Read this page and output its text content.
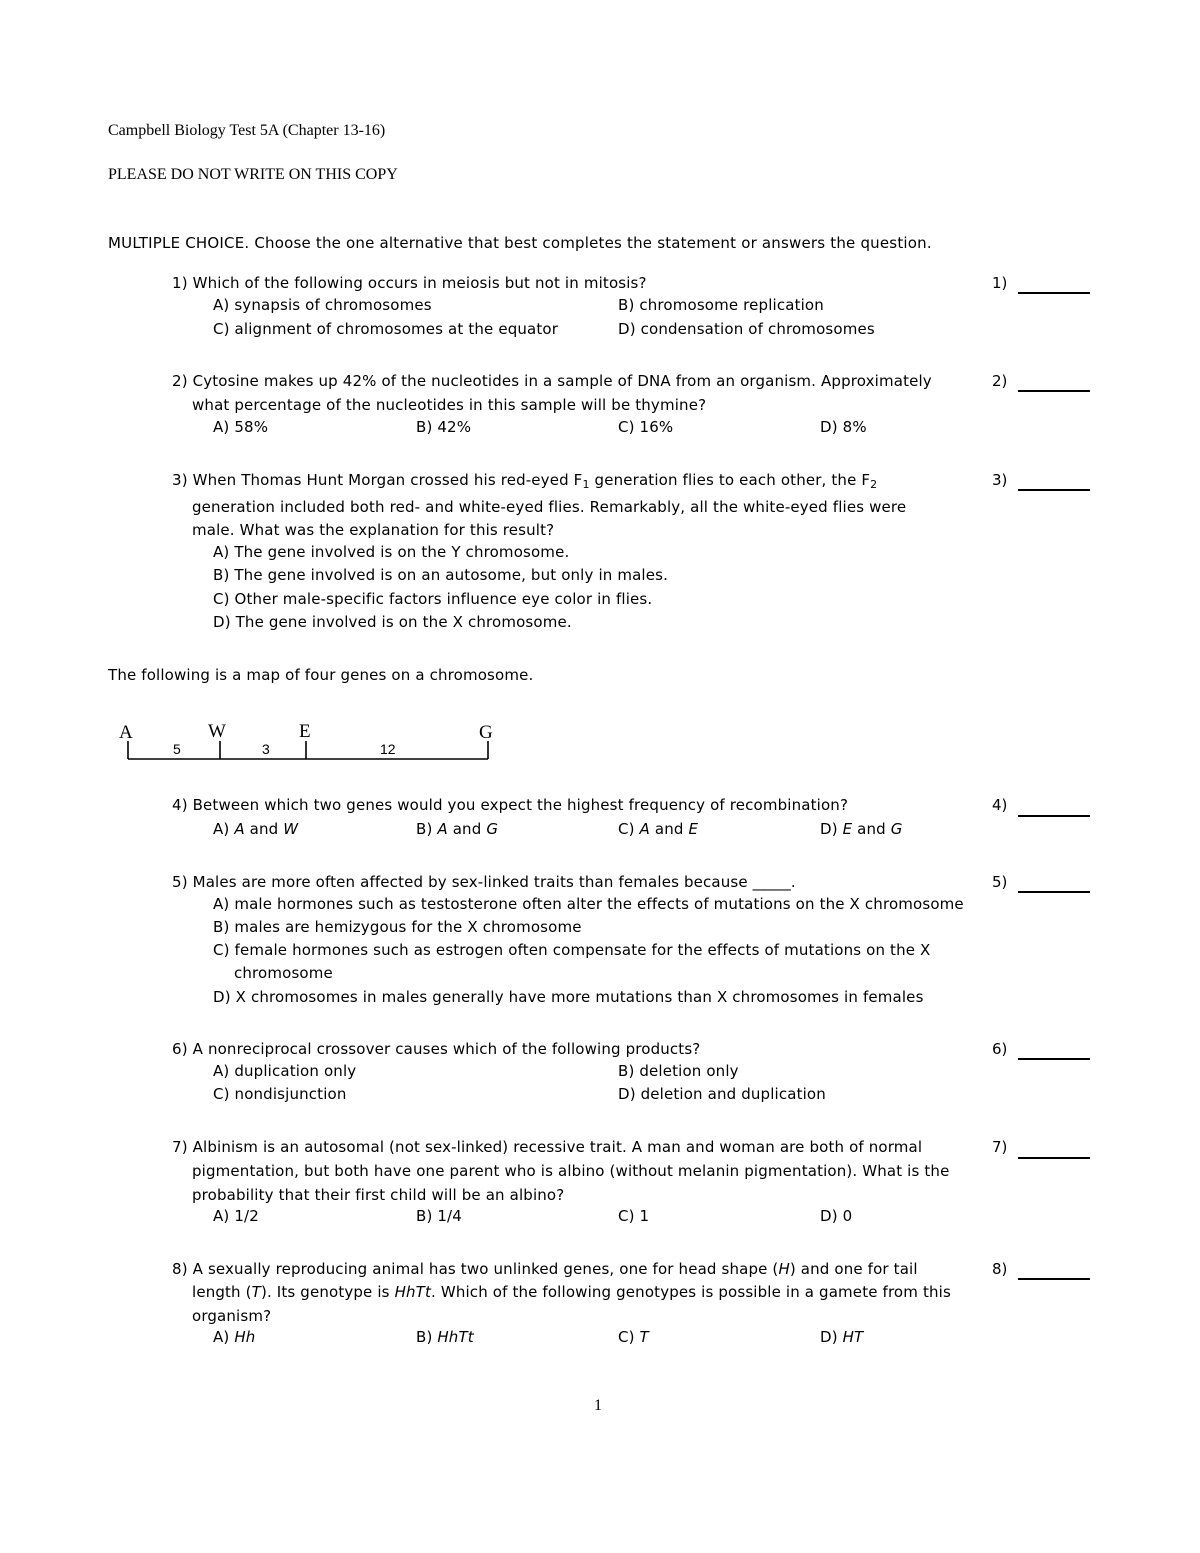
Campbell Biology Test 5A (Chapter 13-16)
PLEASE DO NOT WRITE ON THIS COPY
MULTIPLE CHOICE. Choose the one alternative that best completes the statement or answers the question.
1) Which of the following occurs in meiosis but not in mitosis?
A) synapsis of chromosomes	B) chromosome replication
C) alignment of chromosomes at the equator	D) condensation of chromosomes
1)
2) Cytosine makes up 42% of the nucleotides in a sample of DNA from an organism. Approximately
what percentage of the nucleotides in this sample will be thymine?
A) 58%	B) 42%	C) 16%	D) 8%
2)
3) When Thomas Hunt Morgan crossed his red-eyed $F_1$ generation flies to each other, the $F_2$
generation included both red- and white-eyed flies. Remarkably, all the white-eyed flies were
male. What was the explanation for this result?
A) The gene involved is on the Y chromosome.
B) The gene involved is on an autosome, but only in males.
C) Other male-specific factors influence eye color in flies.
D) The gene involved is on the X chromosome.
3)
The following is a map of four genes on a chromosome.
A	W	E	G
5	3	12
4) Between which two genes would you expect the highest frequency of recombination?
A) A and W	B) A and G	C) A and E	D) E and G
4)
5) Males are more often affected by sex-linked traits than females because _____.
A) male hormones such as testosterone often alter the effects of mutations on the X chromosome
B) males are hemizygous for the X chromosome
C) female hormones such as estrogen often compensate for the effects of mutations on the X
chromosome
D) X chromosomes in males generally have more mutations than X chromosomes in females
5)
6) A nonreciprocal crossover causes which of the following products?
A) duplication only	B) deletion only
C) nondisjunction	D) deletion and duplication
6)
7) Albinism is an autosomal (not sex-linked) recessive trait. A man and woman are both of normal
pigmentation, but both have one parent who is albino (without melanin pigmentation). What is the
probability that their first child will be an albino?
A) 1/2	B) 1/4	C) 1	D) 0
7)
8) A sexually reproducing animal has two unlinked genes, one for head shape (H) and one for tail
length (T). Its genotype is HhTt. Which of the following genotypes is possible in a gamete from this
organism?
A) Hh	B) HhTt	C) T	D) HT
8)
1
